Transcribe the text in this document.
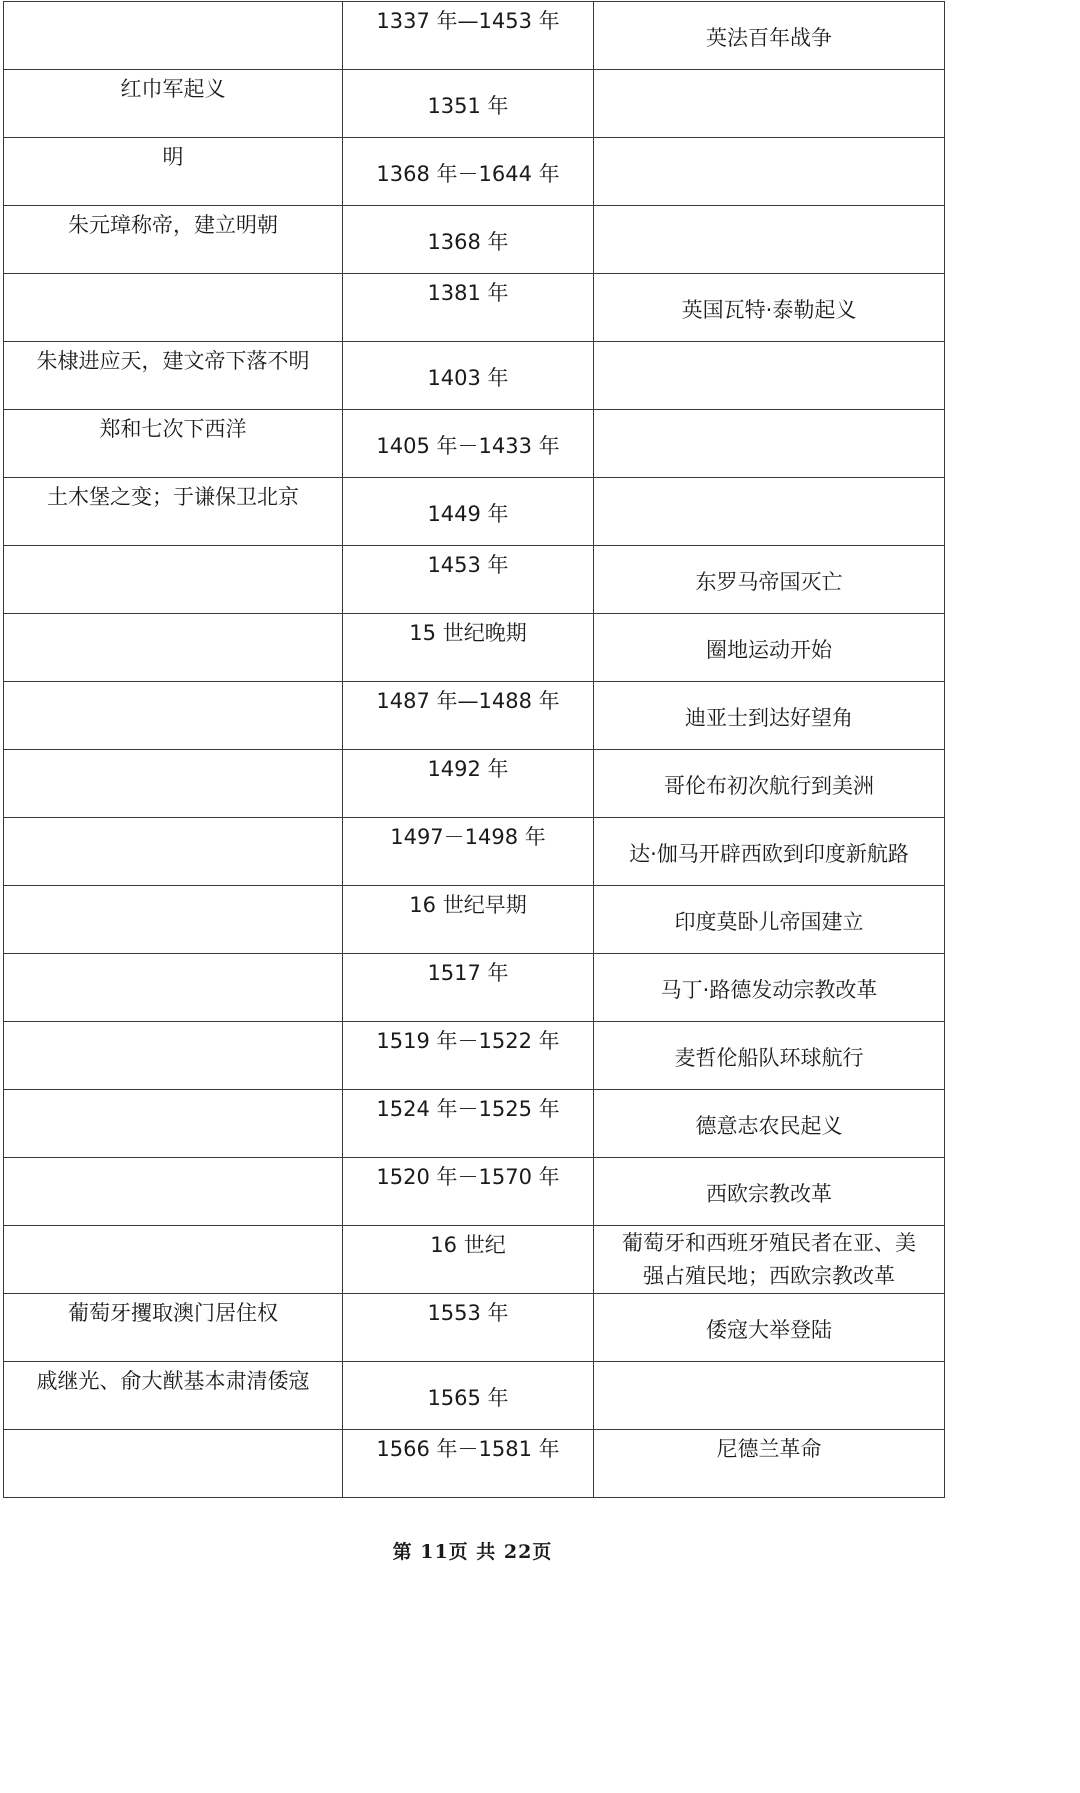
	1337 年—1453 年	英法百年战争

红巾军起义	1351 年	

明	1368 年－1644 年	

朱元璋称帝，建立明朝	1368 年	

	1381 年	英国瓦特·泰勒起义

朱棣进应天，建文帝下落不明	1403 年	

郑和七次下西洋	1405 年－1433 年	

土木堡之变；于谦保卫北京	1449 年	

	1453 年	东罗马帝国灭亡

	15 世纪晚期	圈地运动开始

	1487 年—1488 年	迪亚士到达好望角

	1492 年	哥伦布初次航行到美洲

	1497－1498 年	达·伽马开辟西欧到印度新航路

	16 世纪早期	印度莫卧儿帝国建立

	1517 年	马丁·路德发动宗教改革

	1519 年－1522 年	麦哲伦船队环球航行

	1524 年－1525 年	德意志农民起义

	1520 年－1570 年	西欧宗教改革

	16 世纪	葡萄牙和西班牙殖民者在亚、美
强占殖民地；西欧宗教改革

葡萄牙攫取澳门居住权	1553 年	倭寇大举登陆

戚继光、俞大猷基本肃清倭寇	1565 年	

	1566 年－1581 年	尼德兰革命
第 11页 共 22页
